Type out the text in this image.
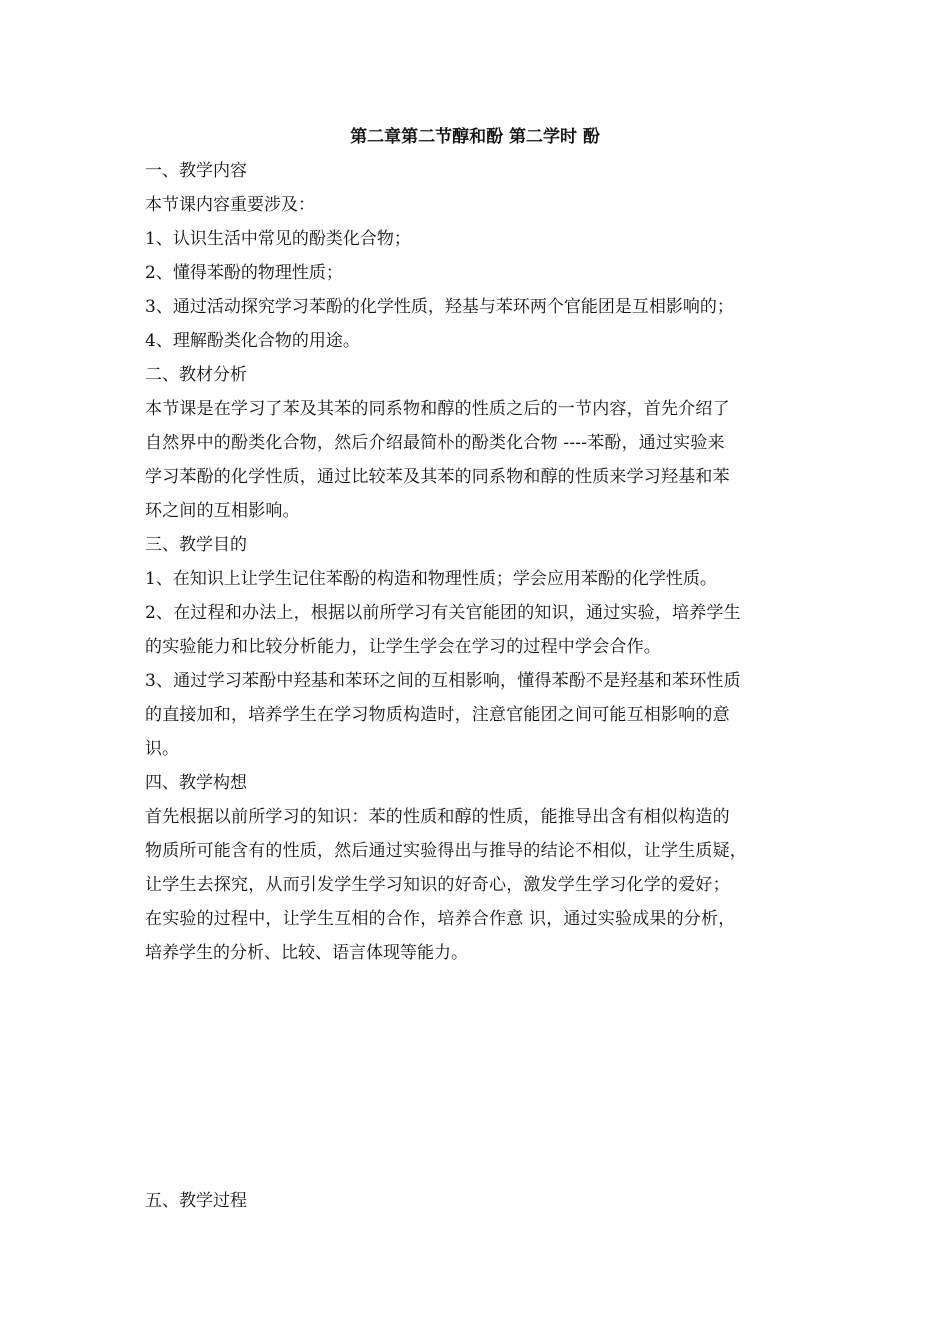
第二章第二节醇和酚 第二学时 酚
一、教学内容
本节课内容重要涉及：
1、认识生活中常见的酚类化合物；
2、懂得苯酚的物理性质；
3、通过活动探究学习苯酚的化学性质，羟基与苯环两个官能团是互相影响的；
4、理解酚类化合物的用途。
二、教材分析
本节课是在学习了苯及其苯的同系物和醇的性质之后的一节内容，首先介绍了
自然界中的酚类化合物，然后介绍最简朴的酚类化合物 ----苯酚，通过实验来
学习苯酚的化学性质，通过比较苯及其苯的同系物和醇的性质来学习羟基和苯
环之间的互相影响。
三、教学目的
1、在知识上让学生记住苯酚的构造和物理性质；学会应用苯酚的化学性质。
2、在过程和办法上，根据以前所学习有关官能团的知识，通过实验，培养学生
的实验能力和比较分析能力，让学生学会在学习的过程中学会合作。
3、通过学习苯酚中羟基和苯环之间的互相影响，懂得苯酚不是羟基和苯环性质
的直接加和，培养学生在学习物质构造时，注意官能团之间可能互相影响的意
识。
四、教学构想
首先根据以前所学习的知识：苯的性质和醇的性质，能推导出含有相似构造的
物质所可能含有的性质，然后通过实验得出与推导的结论不相似，让学生质疑，
让学生去探究，从而引发学生学习知识的好奇心，激发学生学习化学的爱好；
在实验的过程中，让学生互相的合作，培养合作意 识，通过实验成果的分析，
培养学生的分析、比较、语言体现等能力。
五、教学过程
